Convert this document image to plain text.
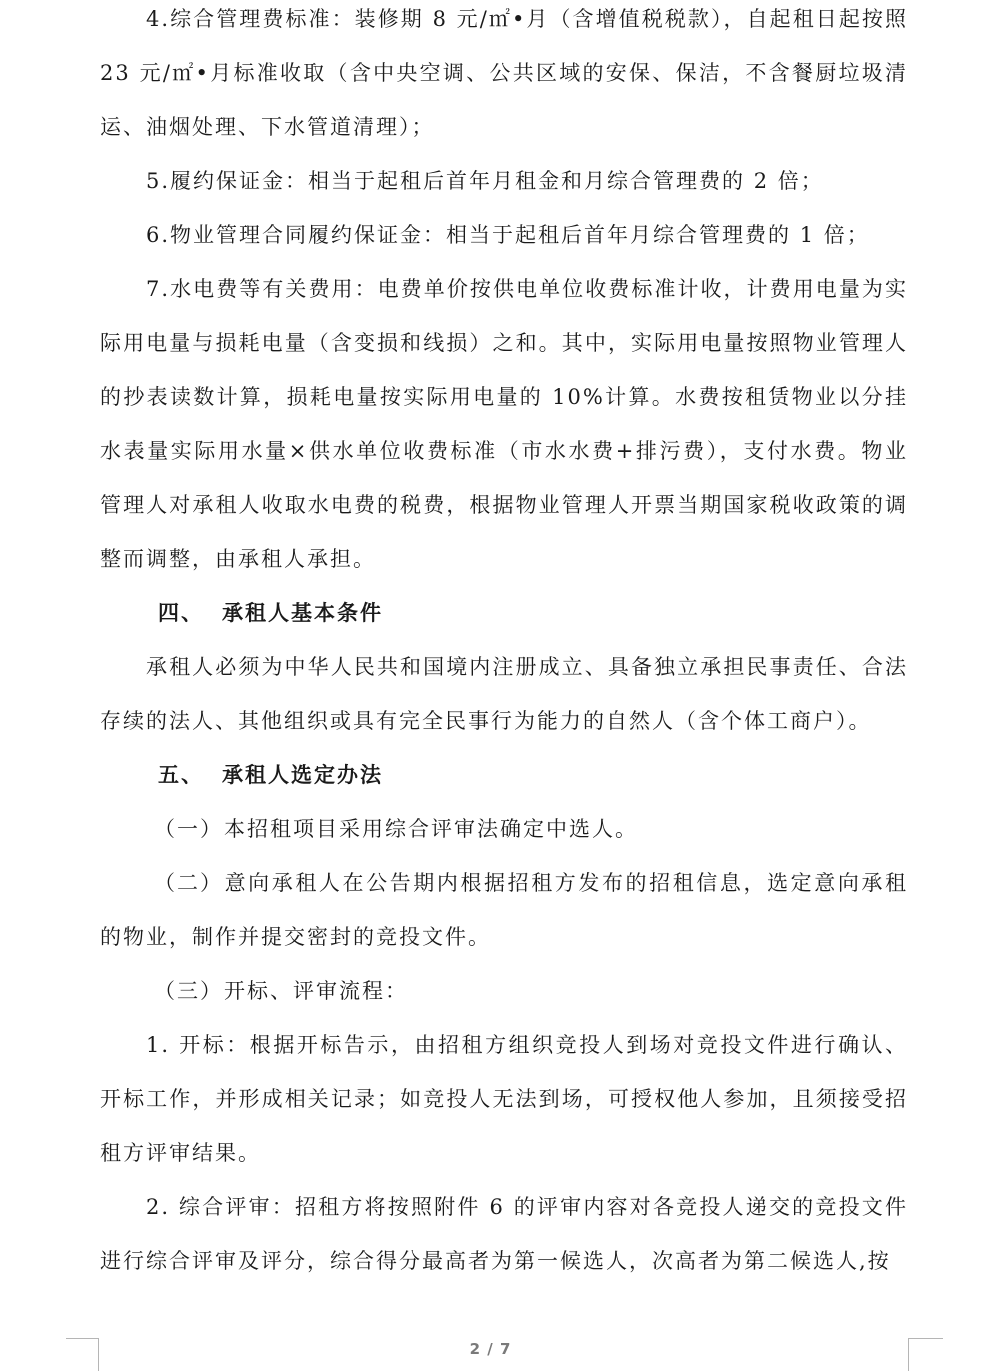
4.综合管理费标准：装修期 8 元/㎡•月（含增值税税款），自起租日起按照 23 元/㎡•月标准收取（含中央空调、公共区域的安保、保洁，不含餐厨垃圾清运、油烟处理、下水管道清理）；

5.履约保证金：相当于起租后首年月租金和月综合管理费的 2 倍；

6.物业管理合同履约保证金：相当于起租后首年月综合管理费的 1 倍；

7.水电费等有关费用：电费单价按供电单位收费标准计收，计费用电量为实际用电量与损耗电量（含变损和线损）之和。其中，实际用电量按照物业管理人的抄表读数计算，损耗电量按实际用电量的 10%计算。水费按租赁物业以分挂水表量实际用水量×供水单位收费标准（市水水费+排污费），支付水费。物业管理人对承租人收取水电费的税费，根据物业管理人开票当期国家税收政策的调整而调整，由承租人承担。

四、 承租人基本条件

承租人必须为中华人民共和国境内注册成立、具备独立承担民事责任、合法存续的法人、其他组织或具有完全民事行为能力的自然人（含个体工商户）。

五、 承租人选定办法

（一）本招租项目采用综合评审法确定中选人。

（二）意向承租人在公告期内根据招租方发布的招租信息，选定意向承租的物业，制作并提交密封的竞投文件。

（三）开标、评审流程：

1. 开标：根据开标告示，由招租方组织竞投人到场对竞投文件进行确认、开标工作，并形成相关记录；如竞投人无法到场，可授权他人参加，且须接受招租方评审结果。

2. 综合评审：招租方将按照附件 6 的评审内容对各竞投人递交的竞投文件进行综合评审及评分，综合得分最高者为第一候选人，次高者为第二候选人,按

2 / 7
